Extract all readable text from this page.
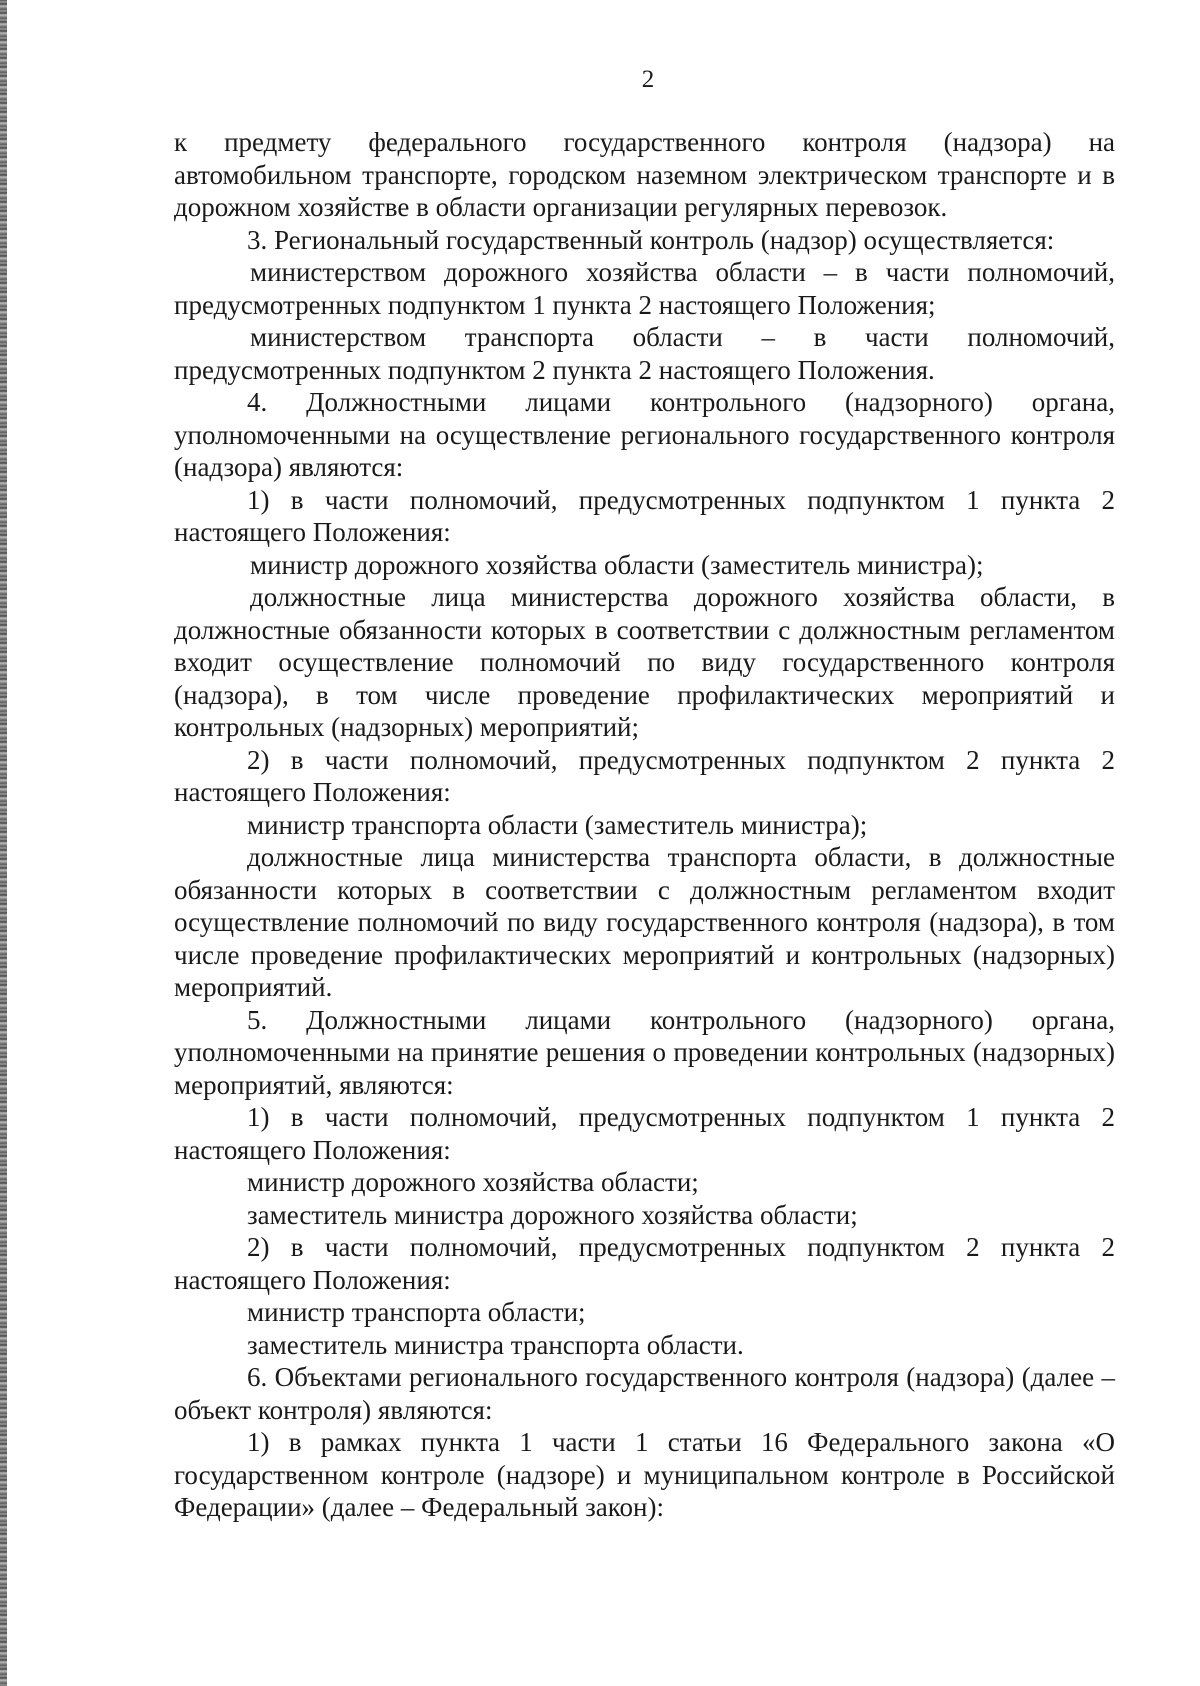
2

к предмету федерального государственного контроля (надзора) на автомобильном транспорте, городском наземном электрическом транспорте и в дорожном хозяйстве в области организации регулярных перевозок.

3. Региональный государственный контроль (надзор) осуществляется:

министерством дорожного хозяйства области – в части полномочий, предусмотренных подпунктом 1 пункта 2 настоящего Положения;

министерством транспорта области – в части полномочий, предусмотренных подпунктом 2 пункта 2 настоящего Положения.

4. Должностными лицами контрольного (надзорного) органа, уполномоченными на осуществление регионального государственного контроля (надзора) являются:

1) в части полномочий, предусмотренных подпунктом 1 пункта 2 настоящего Положения:

министр дорожного хозяйства области (заместитель министра);

должностные лица министерства дорожного хозяйства области, в должностные обязанности которых в соответствии с должностным регламентом входит осуществление полномочий по виду государственного контроля (надзора), в том числе проведение профилактических мероприятий и контрольных (надзорных) мероприятий;

2) в части полномочий, предусмотренных подпунктом 2 пункта 2 настоящего Положения:

министр транспорта области (заместитель министра);

должностные лица министерства транспорта области, в должностные обязанности которых в соответствии с должностным регламентом входит осуществление полномочий по виду государственного контроля (надзора), в том числе проведение профилактических мероприятий и контрольных (надзорных) мероприятий.

5. Должностными лицами контрольного (надзорного) органа, уполномоченными на принятие решения о проведении контрольных (надзорных) мероприятий, являются:

1) в части полномочий, предусмотренных подпунктом 1 пункта 2 настоящего Положения:

министр дорожного хозяйства области;

заместитель министра дорожного хозяйства области;

2) в части полномочий, предусмотренных подпунктом 2 пункта 2 настоящего Положения:

министр транспорта области;

заместитель министра транспорта области.

6. Объектами регионального государственного контроля (надзора) (далее – объект контроля) являются:

1) в рамках пункта 1 части 1 статьи 16 Федерального закона «О государственном контроле (надзоре) и муниципальном контроле в Российской Федерации» (далее – Федеральный закон):
